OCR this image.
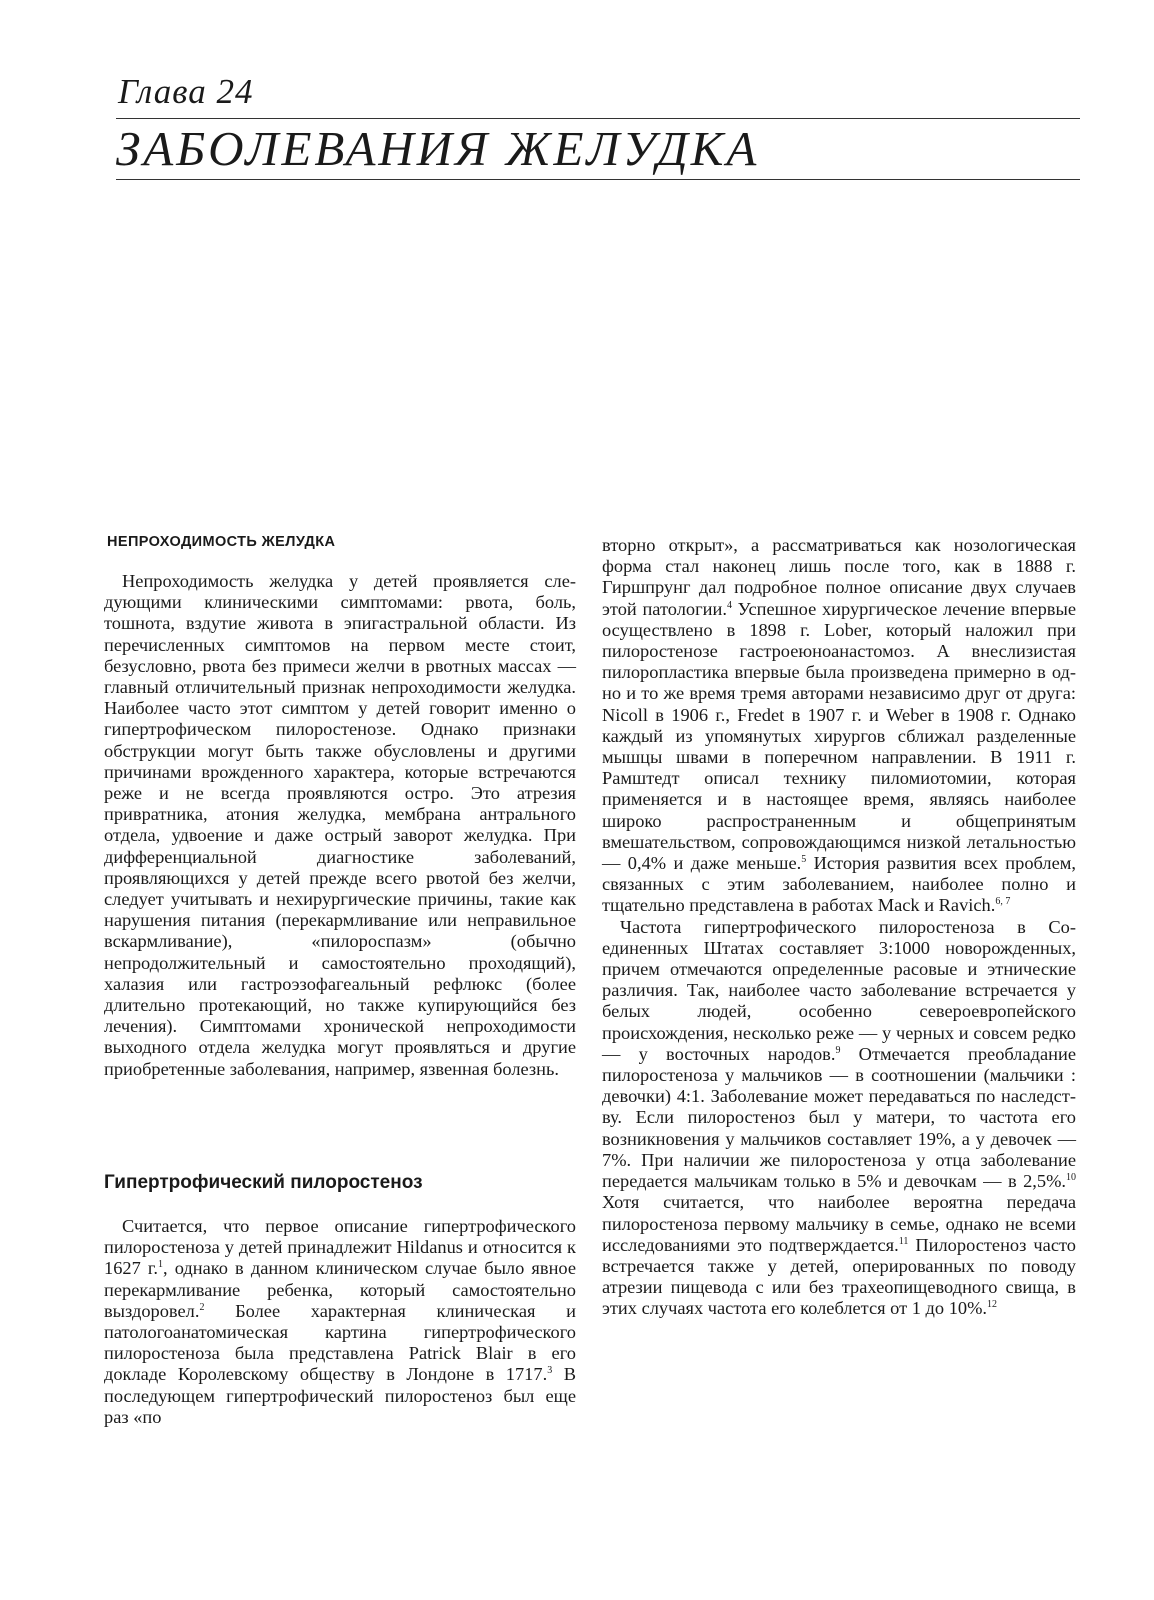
Глава 24
ЗАБОЛЕВАНИЯ ЖЕЛУДКА
НЕПРОХОДИМОСТЬ ЖЕЛУДКА

Непроходимость желудка у детей проявляется следующими клиническими симптомами: рвота, боль, тошнота, вздутие живота в эпигастральной области. Из перечисленных симптомов на первом месте стоит, безусловно, рвота без примеси желчи в рвотных массах — главный отличительный признак непроходимости желудка. Наиболее часто этот симптом у детей говорит именно о гипертрофическом пилоростенозе. Однако признаки обструкции могут быть также обусловлены и другими причинами врожденного характера, которые встречаются реже и не всегда проявляются остро. Это атрезия привратника, атония желудка, мембрана антрального отдела, удвоение и даже острый заворот желудка. При дифференциальной диагностике заболеваний, проявляющихся у детей прежде всего рвотой без желчи, следует учитывать и нехирургические причины, такие как нарушения питания (перекармливание или неправильное вскармливание), «пилороспазм» (обычно непродолжительный и самостоятельно проходящий), халазия или гастроэзофагеальный рефлюкс (более длительно протекающий, но также купирующийся без лечения). Симптомами хронической непроходимости выходного отдела желудка могут проявляться и другие приобретенные заболевания, например, язвенная болезнь.

Гипертрофический пилоростеноз

Считается, что первое описание гипертрофического пилоростеноза у детей принадлежит Hildanus и относится к 1627 г.$^1$, однако в данном клиническом случае было явное перекармливание ребенка, который самостоятельно выздоровел.$^2$ Более характерная клиническая и патологоанатомическая картина гипертрофического пилоростеноза была представлена Patrick Blair в его докладе Королевскому обществу в Лондоне в 1717.$^3$ В последующем гипертрофический пилоростеноз был еще раз «по

вторно открыт», а рассматриваться как нозологическая форма стал наконец лишь после того, как в 1888 г. Гиршпрунг дал подробное полное описание двух случаев этой патологии.$^4$ Успешное хирургическое лечение впервые осуществлено в 1898 г. Lober, который наложил при пилоростенозе гастроеюноанастомоз. А внеслизистая пилоропластика впервые была произведена примерно в одно и то же время тремя авторами независимо друг от друга: Nicoll в 1906 г., Fredet в 1907 г. и Weber в 1908 г. Однако каждый из упомянутых хирургов сближал разделенные мышцы швами в поперечном направлении. В 1911 г. Рамштедт описал технику пиломиотомии, которая применяется и в настоящее время, являясь наиболее широко распространенным и общепринятым вмешательством, сопровождающимся низкой летальностью — 0,4% и даже меньше.$^5$ История развития всех проблем, связанных с этим заболеванием, наиболее полно и тщательно представлена в работах Mack и Ravich.$^{6, 7}$

Частота гипертрофического пилоростеноза в Соединенных Штатах составляет 3:1000 новорожденных, причем отмечаются определенные расовые и этнические различия. Так, наиболее часто заболевание встречается у белых людей, особенно североевропейского происхождения, несколько реже — у черных и совсем редко — у восточных народов.$^9$ Отмечается преобладание пилоростеноза у мальчиков — в соотношении (мальчики : девочки) 4:1. Заболевание может передаваться по наследству. Если пилоростеноз был у матери, то частота его возникновения у мальчиков составляет 19%, а у девочек — 7%. При наличии же пилоростеноза у отца заболевание передается мальчикам только в 5% и девочкам — в 2,5%.$^{10}$ Хотя считается, что наиболее вероятна передача пилоростеноза первому мальчику в семье, однако не всеми исследованиями это подтверждается.$^{11}$ Пилоростеноз часто встречается также у детей, оперированных по поводу атрезии пищевода с или без трахеопищеводного свища, в этих случаях частота его колеблется от 1 до 10%.$^{12}$
